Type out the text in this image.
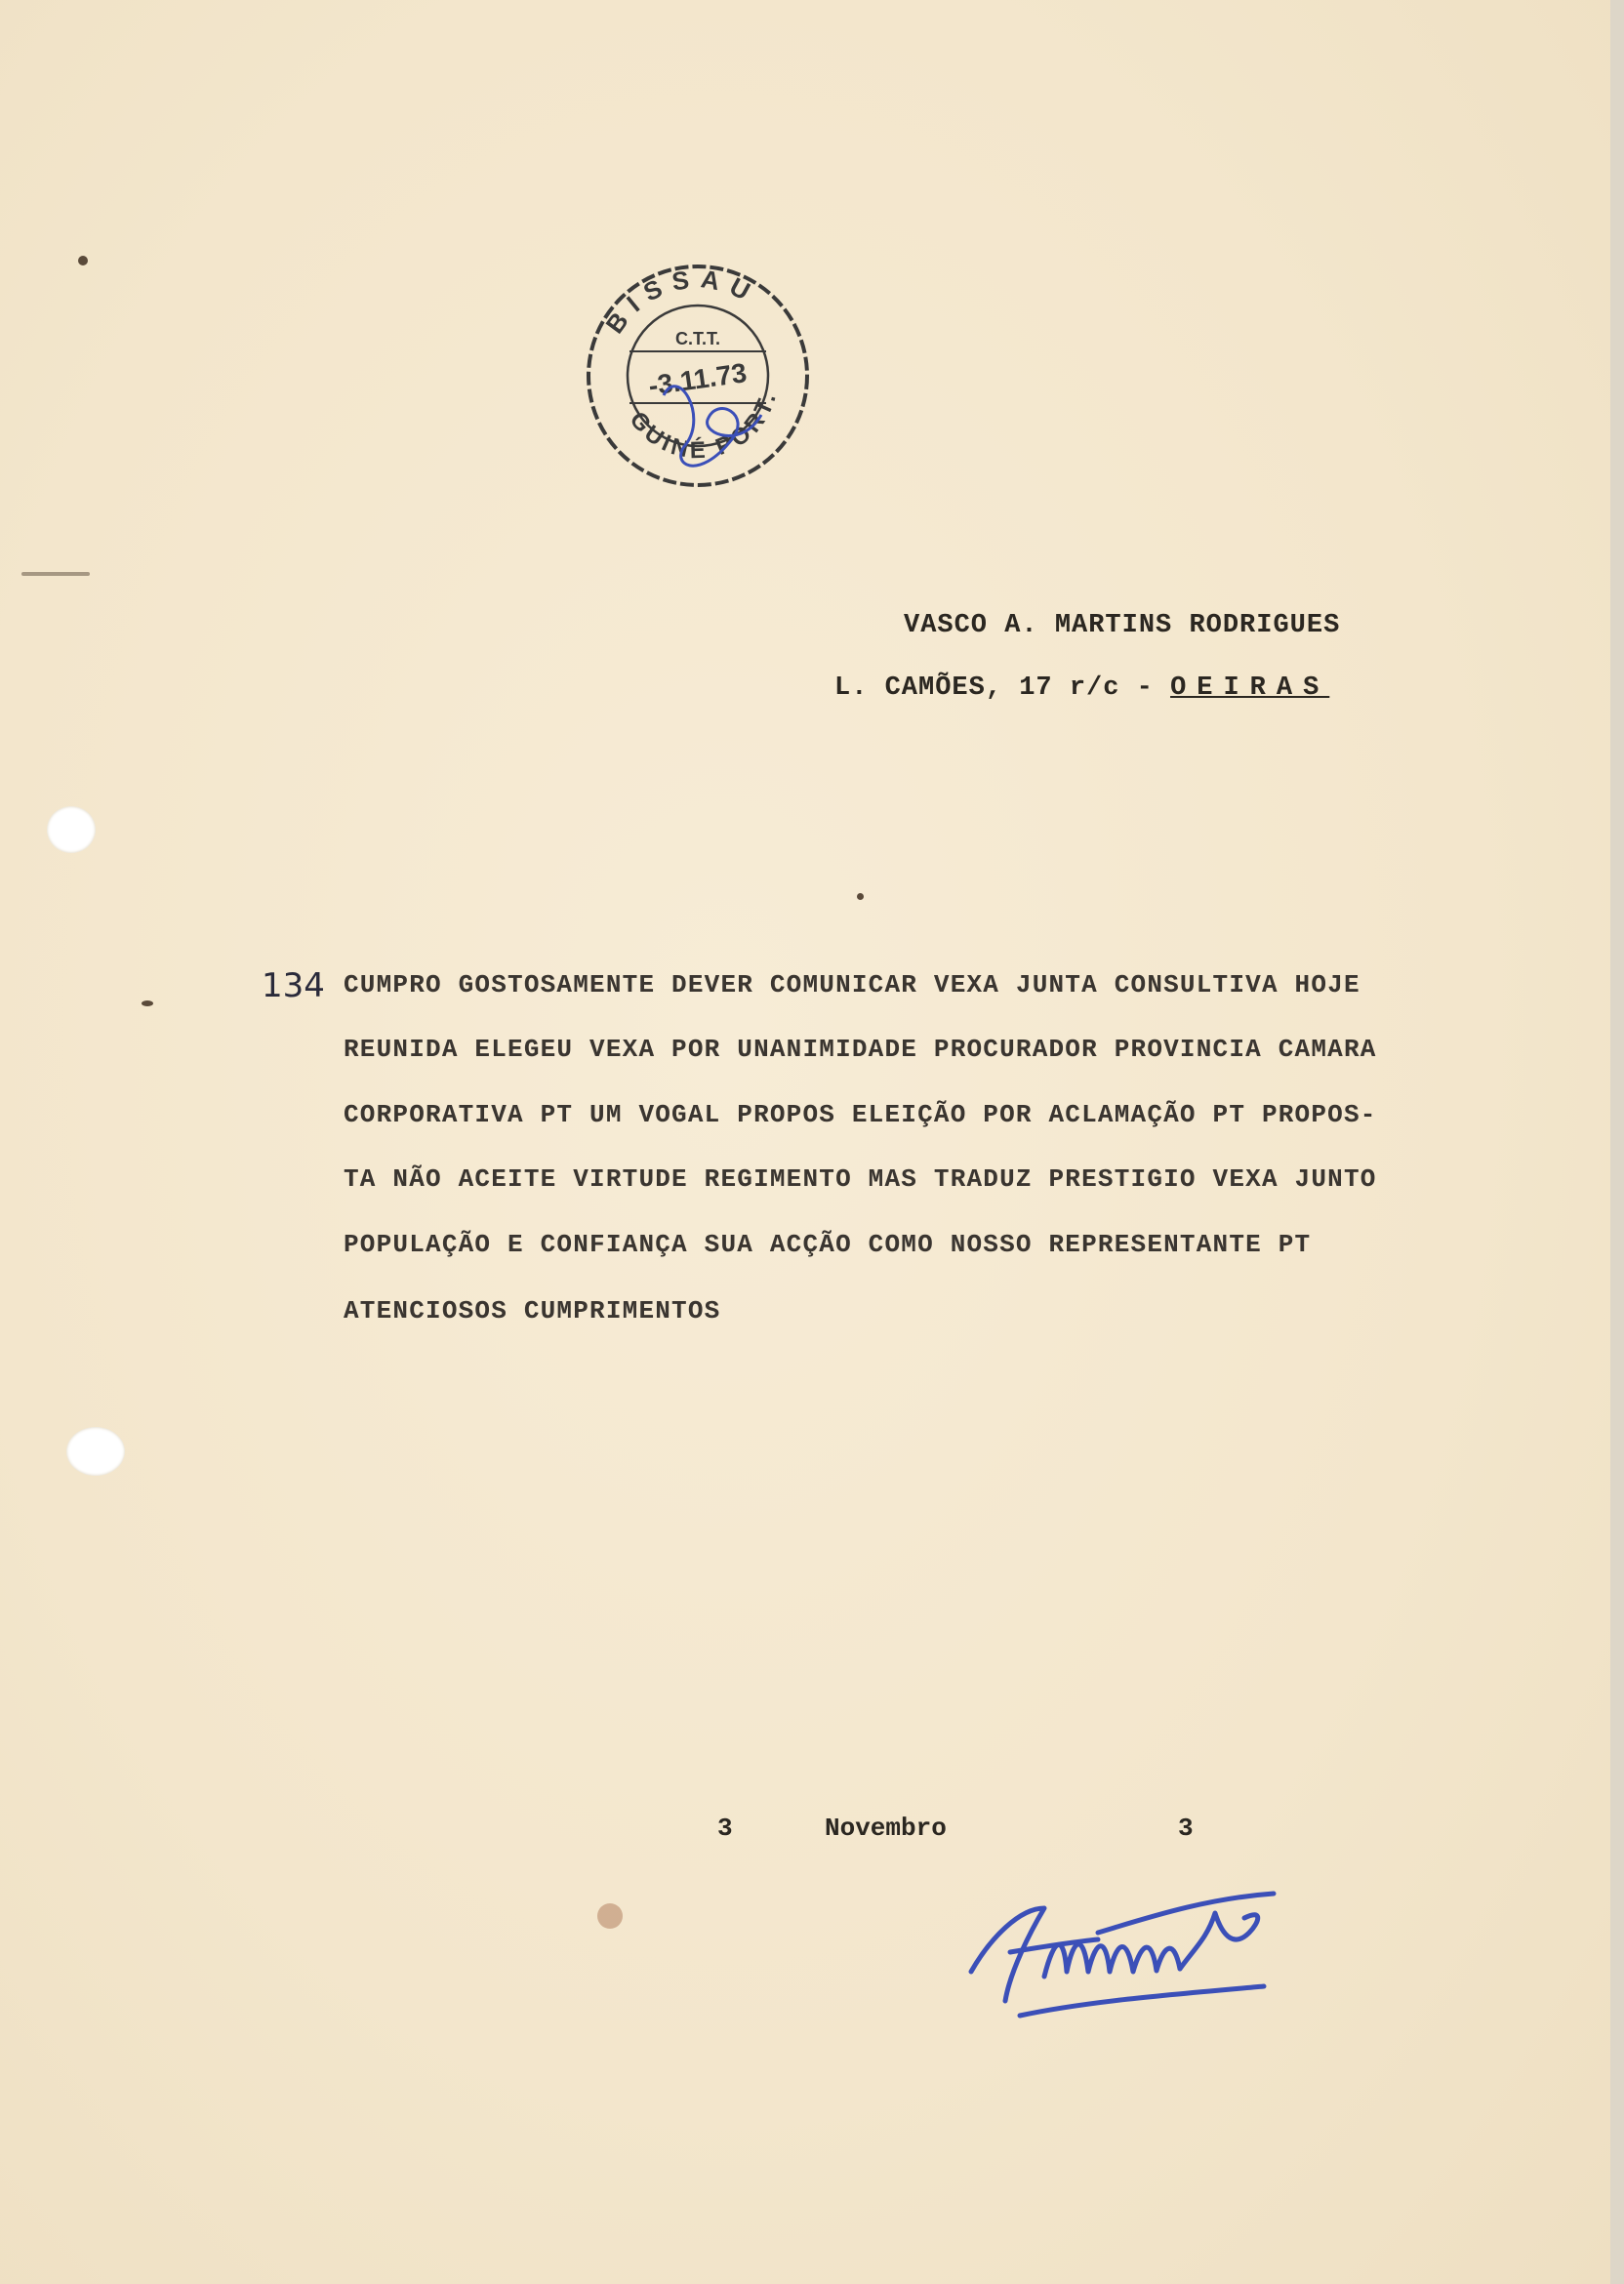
BISSAU
C.T.T.
-3.11.73
GUINÉ PORT.
VASCO A. MARTINS RODRIGUES
L. CAMÕES, 17 r/c - OEIRAS
134 CUMPRO GOSTOSAMENTE DEVER COMUNICAR VEXA JUNTA CONSULTIVA HOJE
REUNIDA ELEGEU VEXA POR UNANIMIDADE PROCURADOR PROVINCIA CAMARA
CORPORATIVA PT UM VOGAL PROPOS ELEIÇÃO POR ACLAMAÇÃO PT PROPOS-
TA NÃO ACEITE VIRTUDE REGIMENTO MAS TRADUZ PRESTIGIO VEXA JUNTO
POPULAÇÃO E CONFIANÇA SUA ACÇÃO COMO NOSSO REPRESENTANTE PT
ATENCIOSOS CUMPRIMENTOS
3	Novembro	3
